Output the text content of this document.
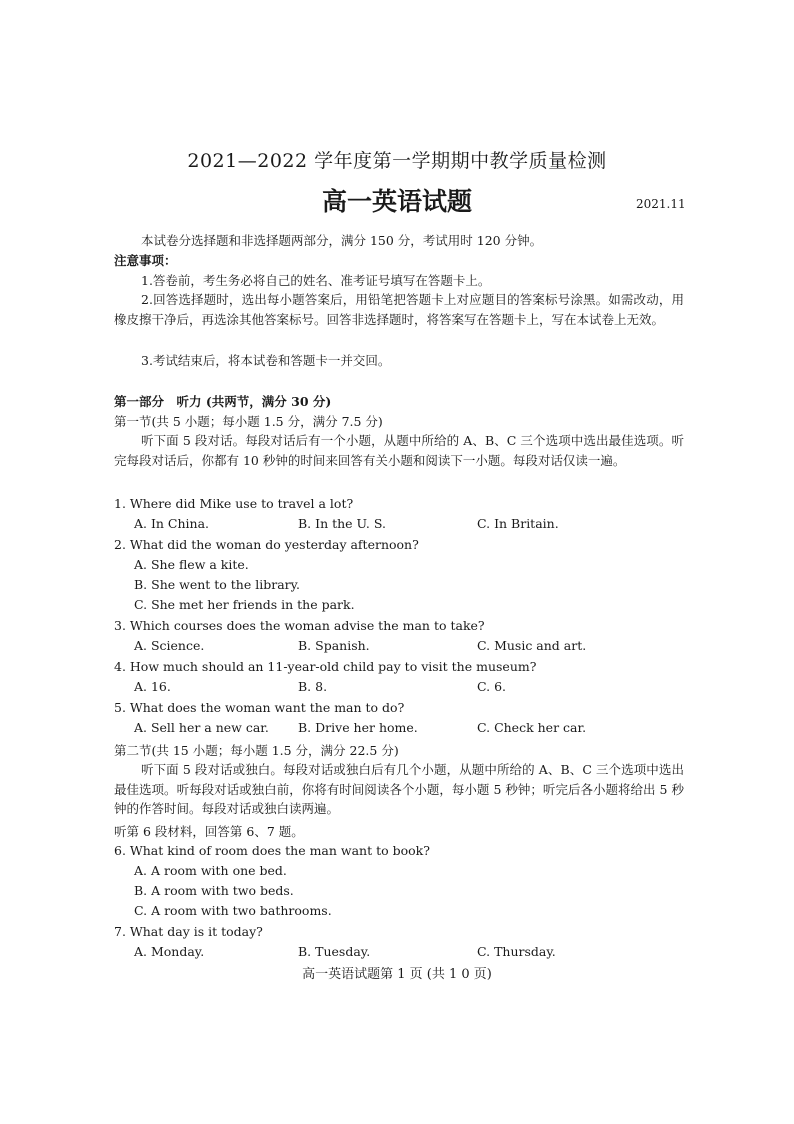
2021—2022 学年度第一学期期中教学质量检测
高一英语试题	2021.11
本试卷分选择题和非选择题两部分，满分 150 分，考试用时 120 分钟。
注意事项：
1.答卷前，考生务必将自己的姓名、准考证号填写在答题卡上。
2.回答选择题时，选出每小题答案后，用铅笔把答题卡上对应题目的答案标号涂黑。如需改动，用橡皮擦干净后，再选涂其他答案标号。回答非选择题时，将答案写在答题卡上，写在本试卷上无效。
3.考试结束后，将本试卷和答题卡一并交回。
第一部分　听力 (共两节，满分 30 分)
第一节(共 5 小题；每小题 1.5 分，满分 7.5 分)
听下面 5 段对话。每段对话后有一个小题，从题中所给的 A、B、C 三个选项中选出最佳选项。听完每段对话后，你都有 10 秒钟的时间来回答有关小题和阅读下一小题。每段对话仅读一遍。
1. Where did Mike use to travel a lot?
A. In China.	B. In the U. S.	C. In Britain.
2. What did the woman do yesterday afternoon?
A. She flew a kite.
B. She went to the library.
C. She met her friends in the park.
3. Which courses does the woman advise the man to take?
A. Science.	B. Spanish.	C. Music and art.
4. How much should an 11-year-old child pay to visit the museum?
A. 16.	B. 8.	C. 6.
5. What does the woman want the man to do?
A. Sell her a new car. B. Drive her home.	C. Check her car.
第二节(共 15 小题；每小题 1.5 分，满分 22.5 分)
听下面 5 段对话或独白。每段对话或独白后有几个小题，从题中所给的 A、B、C 三个选项中选出最佳选项。听每段对话或独白前，你将有时间阅读各个小题，每小题 5 秒钟；听完后各小题将给出 5 秒钟的作答时间。每段对话或独白读两遍。
听第 6 段材料，回答第 6、7 题。
6. What kind of room does the man want to book?
A. A room with one bed.
B. A room with two beds.
C. A room with two bathrooms.
7. What day is it today?
A. Monday.	B. Tuesday.	C. Thursday.
高一英语试题第 1 页 (共 1 0 页)
